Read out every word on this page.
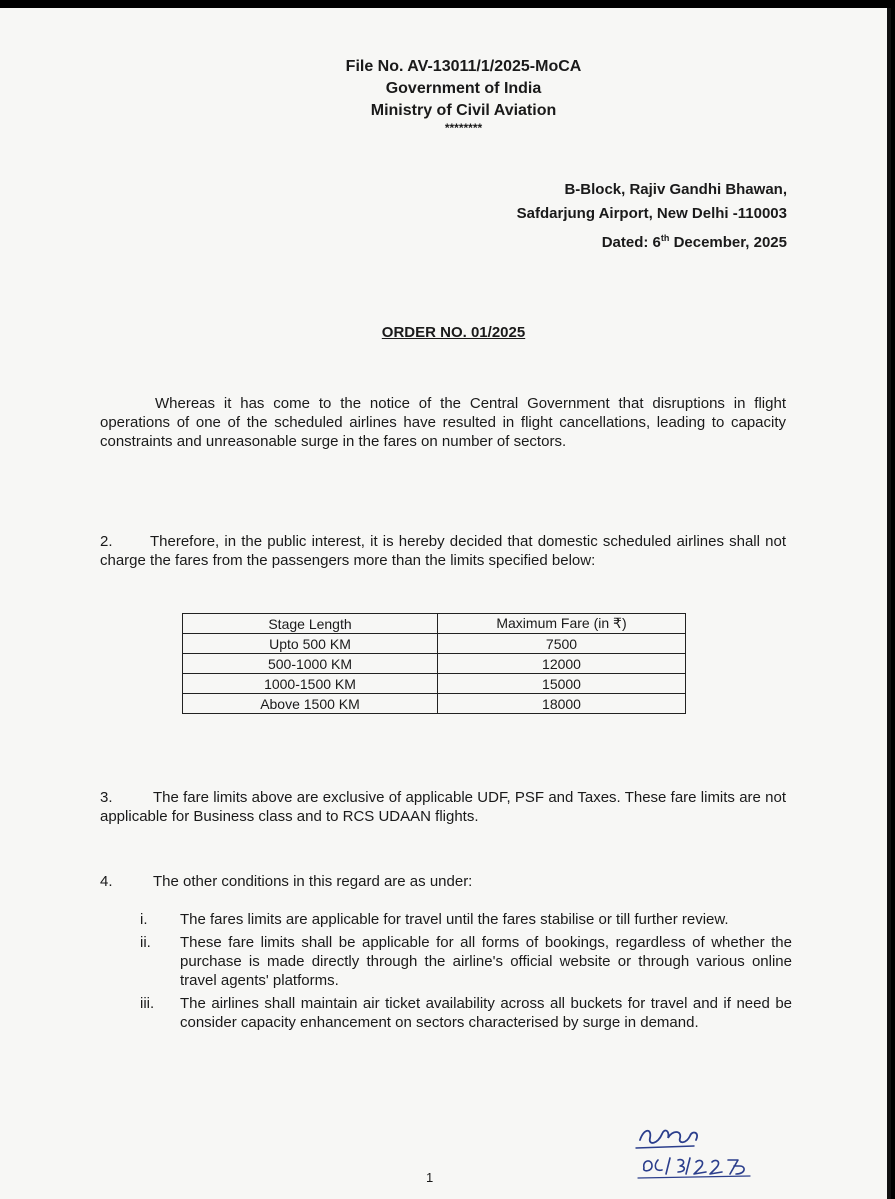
File No. AV-13011/1/2025-MoCA
Government of India
Ministry of Civil Aviation
********
B-Block, Rajiv Gandhi Bhawan,
Safdarjung Airport, New Delhi -110003
Dated: 6th December, 2025
ORDER NO. 01/2025
Whereas it has come to the notice of the Central Government that disruptions in flight operations of one of the scheduled airlines have resulted in flight cancellations, leading to capacity constraints and unreasonable surge in the fares on number of sectors.
2. Therefore, in the public interest, it is hereby decided that domestic scheduled airlines shall not charge the fares from the passengers more than the limits specified below:
Stage Length	Maximum Fare (in ₹)
Upto 500 KM	7500
500-1000 KM	12000
1000-1500 KM	15000
Above 1500 KM	18000
3.	The fare limits above are exclusive of applicable UDF, PSF and Taxes. These fare limits are not applicable for Business class and to RCS UDAAN flights.
4.	The other conditions in this regard are as under:
i.	The fares limits are applicable for travel until the fares stabilise or till further review.
ii.	These fare limits shall be applicable for all forms of bookings, regardless of whether the purchase is made directly through the airline's official website or through various online travel agents' platforms.
iii.	The airlines shall maintain air ticket availability across all buckets for travel and if need be consider capacity enhancement on sectors characterised by surge in demand.
1
